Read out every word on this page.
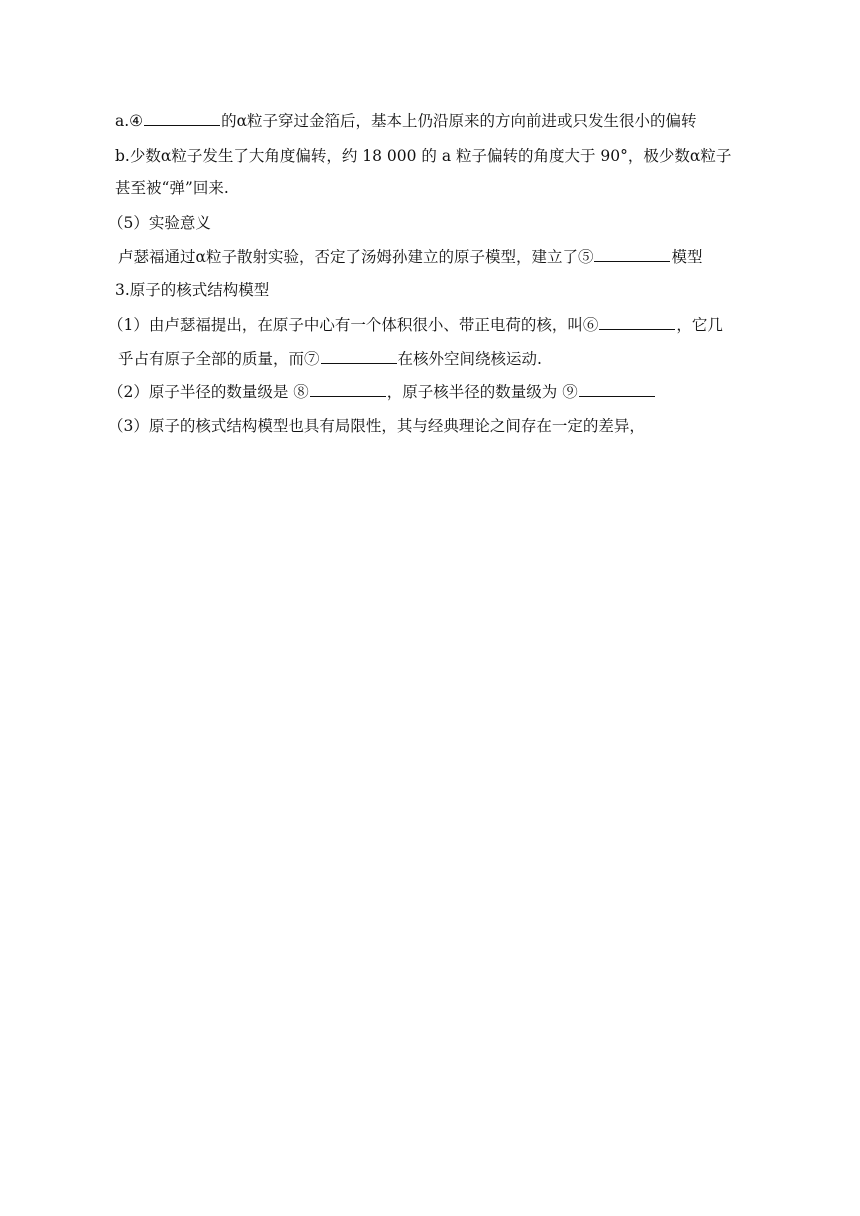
a.④	的α粒子穿过金箔后，基本上仍沿原来的方向前进或只发生很小的偏转
b.少数α粒子发生了大角度偏转，约 18 000 的 a 粒子偏转的角度大于 90°，极少数α粒子
甚至被“弹”回来.
（5）实验意义
卢瑟福通过α粒子散射实验，否定了汤姆孙建立的原子模型，建立了⑤	模型
3.原子的核式结构模型
（1）由卢瑟福提出，在原子中心有一个体积很小、带正电荷的核，叫⑥	，它几
乎占有原子全部的质量，而⑦	在核外空间绕核运动.
（2）原子半径的数量级是 ⑧	，原子核半径的数量级为 ⑨
（3）原子的核式结构模型也具有局限性，其与经典理论之间存在一定的差异，
